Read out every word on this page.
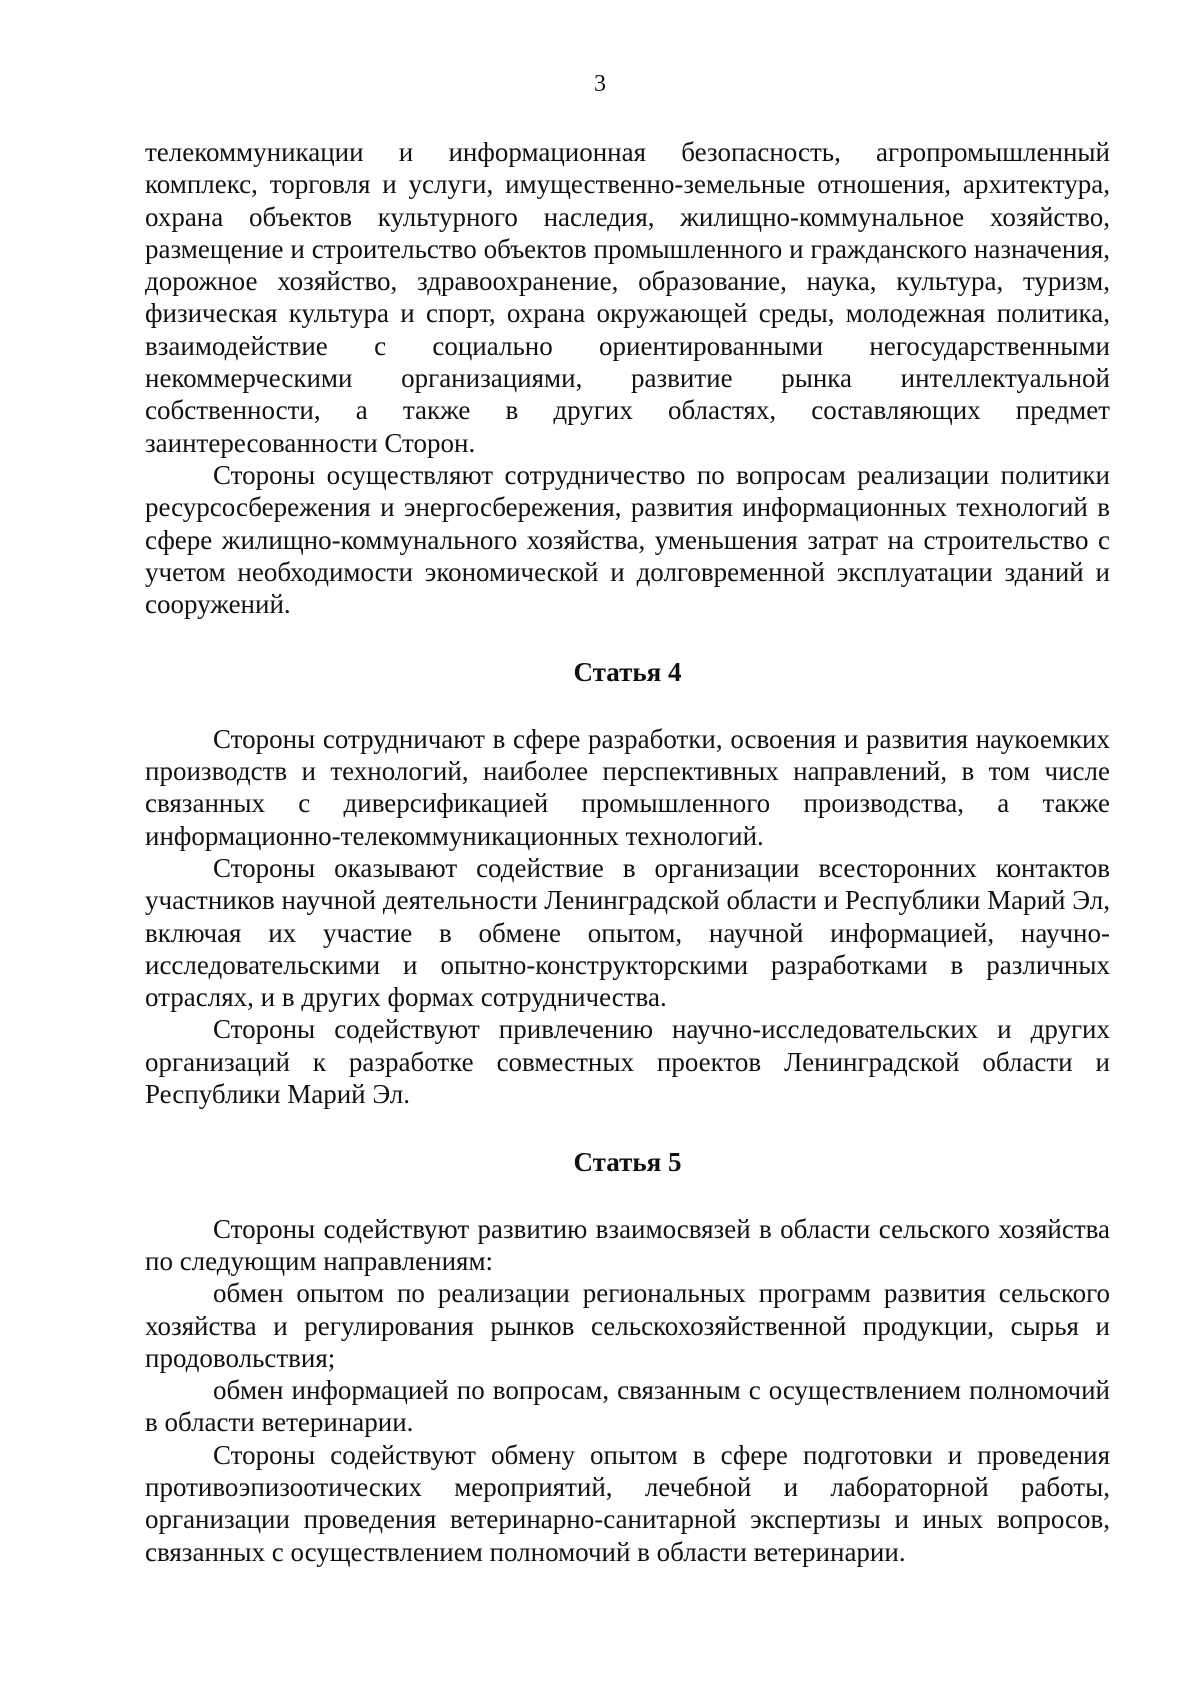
3

телекоммуникации и информационная безопасность, агропромышленный комплекс, торговля и услуги, имущественно-земельные отношения, архитектура, охрана объектов культурного наследия, жилищно-коммунальное хозяйство, размещение и строительство объектов промышленного и гражданского назначения, дорожное хозяйство, здравоохранение, образование, наука, культура, туризм, физическая культура и спорт, охрана окружающей среды, молодежная политика, взаимодействие с социально ориентированными негосударственными некоммерческими организациями, развитие рынка интеллектуальной собственности, а также в других областях, составляющих предмет заинтересованности Сторон.

Стороны осуществляют сотрудничество по вопросам реализации политики ресурсосбережения и энергосбережения, развития информационных технологий в сфере жилищно-коммунального хозяйства, уменьшения затрат на строительство с учетом необходимости экономической и долговременной эксплуатации зданий и сооружений.

Статья 4

Стороны сотрудничают в сфере разработки, освоения и развития наукоемких производств и технологий, наиболее перспективных направлений, в том числе связанных с диверсификацией промышленного производства, а также информационно-телекоммуникационных технологий.

Стороны оказывают содействие в организации всесторонних контактов участников научной деятельности Ленинградской области и Республики Марий Эл, включая их участие в обмене опытом, научной информацией, научно-исследовательскими и опытно-конструкторскими разработками в различных отраслях, и в других формах сотрудничества.

Стороны содействуют привлечению научно-исследовательских и других организаций к разработке совместных проектов Ленинградской области и Республики Марий Эл.

Статья 5

Стороны содействуют развитию взаимосвязей в области сельского хозяйства по следующим направлениям:

обмен опытом по реализации региональных программ развития сельского хозяйства и регулирования рынков сельскохозяйственной продукции, сырья и продовольствия;

обмен информацией по вопросам, связанным с осуществлением полномочий в области ветеринарии.

Стороны содействуют обмену опытом в сфере подготовки и проведения противоэпизоотических мероприятий, лечебной и лабораторной работы, организации проведения ветеринарно-санитарной экспертизы и иных вопросов, связанных с осуществлением полномочий в области ветеринарии.
